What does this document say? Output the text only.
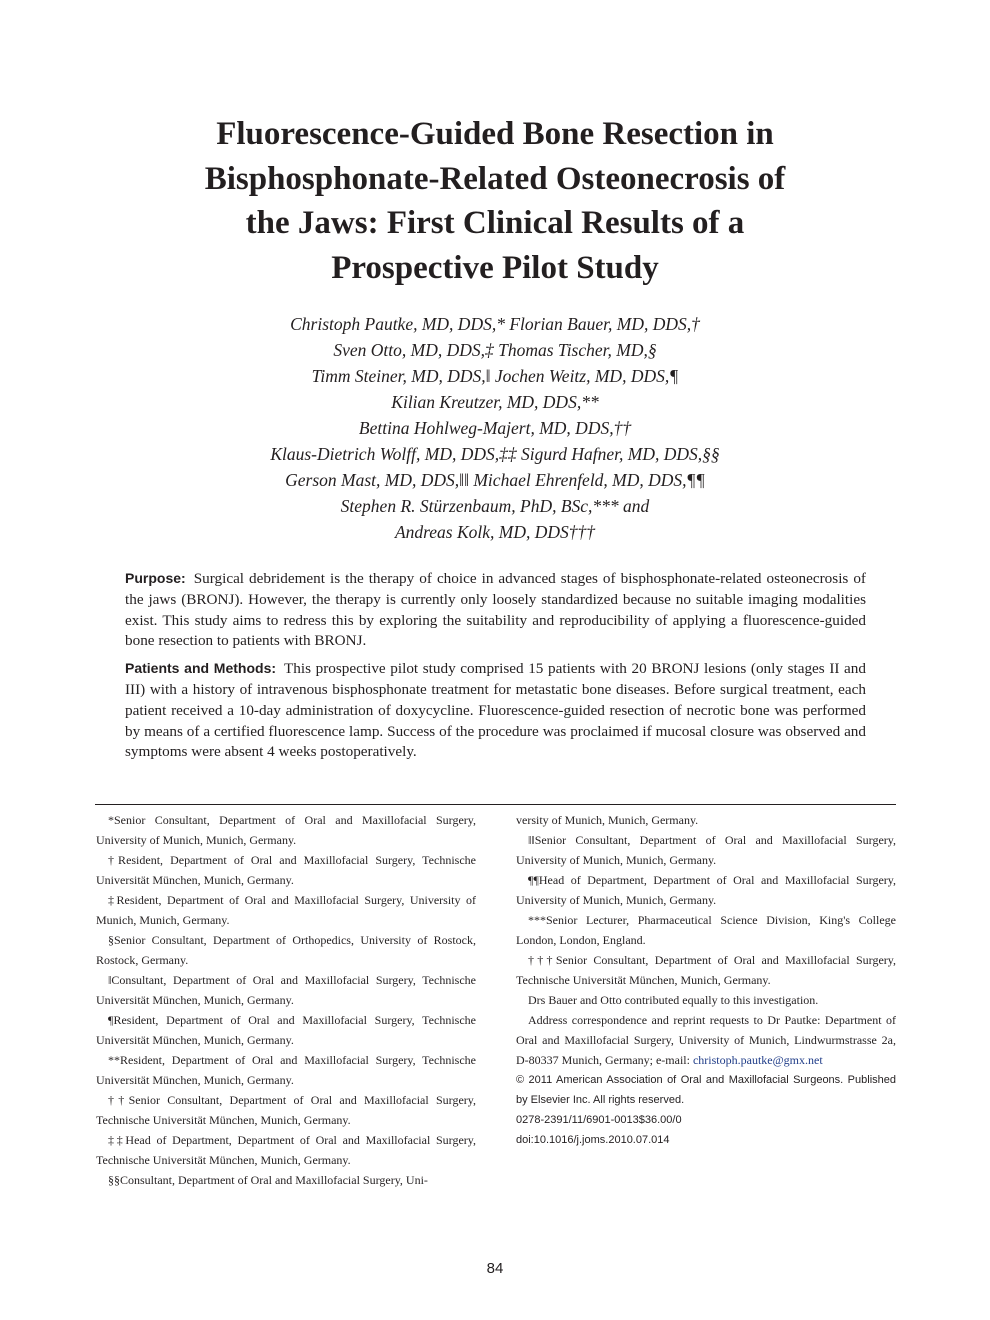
Fluorescence-Guided Bone Resection in
Bisphosphonate-Related Osteonecrosis of
the Jaws: First Clinical Results of a
Prospective Pilot Study
Christoph Pautke, MD, DDS,* Florian Bauer, MD, DDS,†
Sven Otto, MD, DDS,‡ Thomas Tischer, MD,§
Timm Steiner, MD, DDS,‖ Jochen Weitz, MD, DDS,¶
Kilian Kreutzer, MD, DDS,**
Bettina Hohlweg-Majert, MD, DDS,††
Klaus-Dietrich Wolff, MD, DDS,‡‡ Sigurd Hafner, MD, DDS,§§
Gerson Mast, MD, DDS,‖‖ Michael Ehrenfeld, MD, DDS,¶¶
Stephen R. Stürzenbaum, PhD, BSc,*** and
Andreas Kolk, MD, DDS†††

Purpose: Surgical debridement is the therapy of choice in advanced stages of bisphosphonate-related osteonecrosis of the jaws (BRONJ). However, the therapy is currently only loosely standardized because no suitable imaging modalities exist. This study aims to redress this by exploring the suitability and reproducibility of applying a fluorescence-guided bone resection to patients with BRONJ.

Patients and Methods: This prospective pilot study comprised 15 patients with 20 BRONJ lesions (only stages II and III) with a history of intravenous bisphosphonate treatment for metastatic bone diseases. Before surgical treatment, each patient received a 10-day administration of doxycycline. Fluorescence-guided resection of necrotic bone was performed by means of a certified fluorescence lamp. Success of the procedure was proclaimed if mucosal closure was observed and symptoms were absent 4 weeks postoperatively.

*Senior Consultant, Department of Oral and Maxillofacial Surgery, University of Munich, Munich, Germany.

†Resident, Department of Oral and Maxillofacial Surgery, Technische Universität München, Munich, Germany.

‡Resident, Department of Oral and Maxillofacial Surgery, University of Munich, Munich, Germany.

§Senior Consultant, Department of Orthopedics, University of Rostock, Rostock, Germany.

‖Consultant, Department of Oral and Maxillofacial Surgery, Technische Universität München, Munich, Germany.

¶Resident, Department of Oral and Maxillofacial Surgery, Technische Universität München, Munich, Germany.

**Resident, Department of Oral and Maxillofacial Surgery, Technische Universität München, Munich, Germany.

††Senior Consultant, Department of Oral and Maxillofacial Surgery, Technische Universität München, Munich, Germany.

‡‡Head of Department, Department of Oral and Maxillofacial Surgery, Technische Universität München, Munich, Germany.

§§Consultant, Department of Oral and Maxillofacial Surgery, Uni-

versity of Munich, Munich, Germany.

‖‖Senior Consultant, Department of Oral and Maxillofacial Surgery, University of Munich, Munich, Germany.

¶¶Head of Department, Department of Oral and Maxillofacial Surgery, University of Munich, Munich, Germany.

***Senior Lecturer, Pharmaceutical Science Division, King's College London, London, England.

†††Senior Consultant, Department of Oral and Maxillofacial Surgery, Technische Universität München, Munich, Germany.

Drs Bauer and Otto contributed equally to this investigation.

Address correspondence and reprint requests to Dr Pautke: Department of Oral and Maxillofacial Surgery, University of Munich, Lindwurmstrasse 2a, D-80337 Munich, Germany; e-mail: christoph.pautke@gmx.net

© 2011 American Association of Oral and Maxillofacial Surgeons. Published by Elsevier Inc. All rights reserved.

0278-2391/11/6901-0013$36.00/0

doi:10.1016/j.joms.2010.07.014

84
